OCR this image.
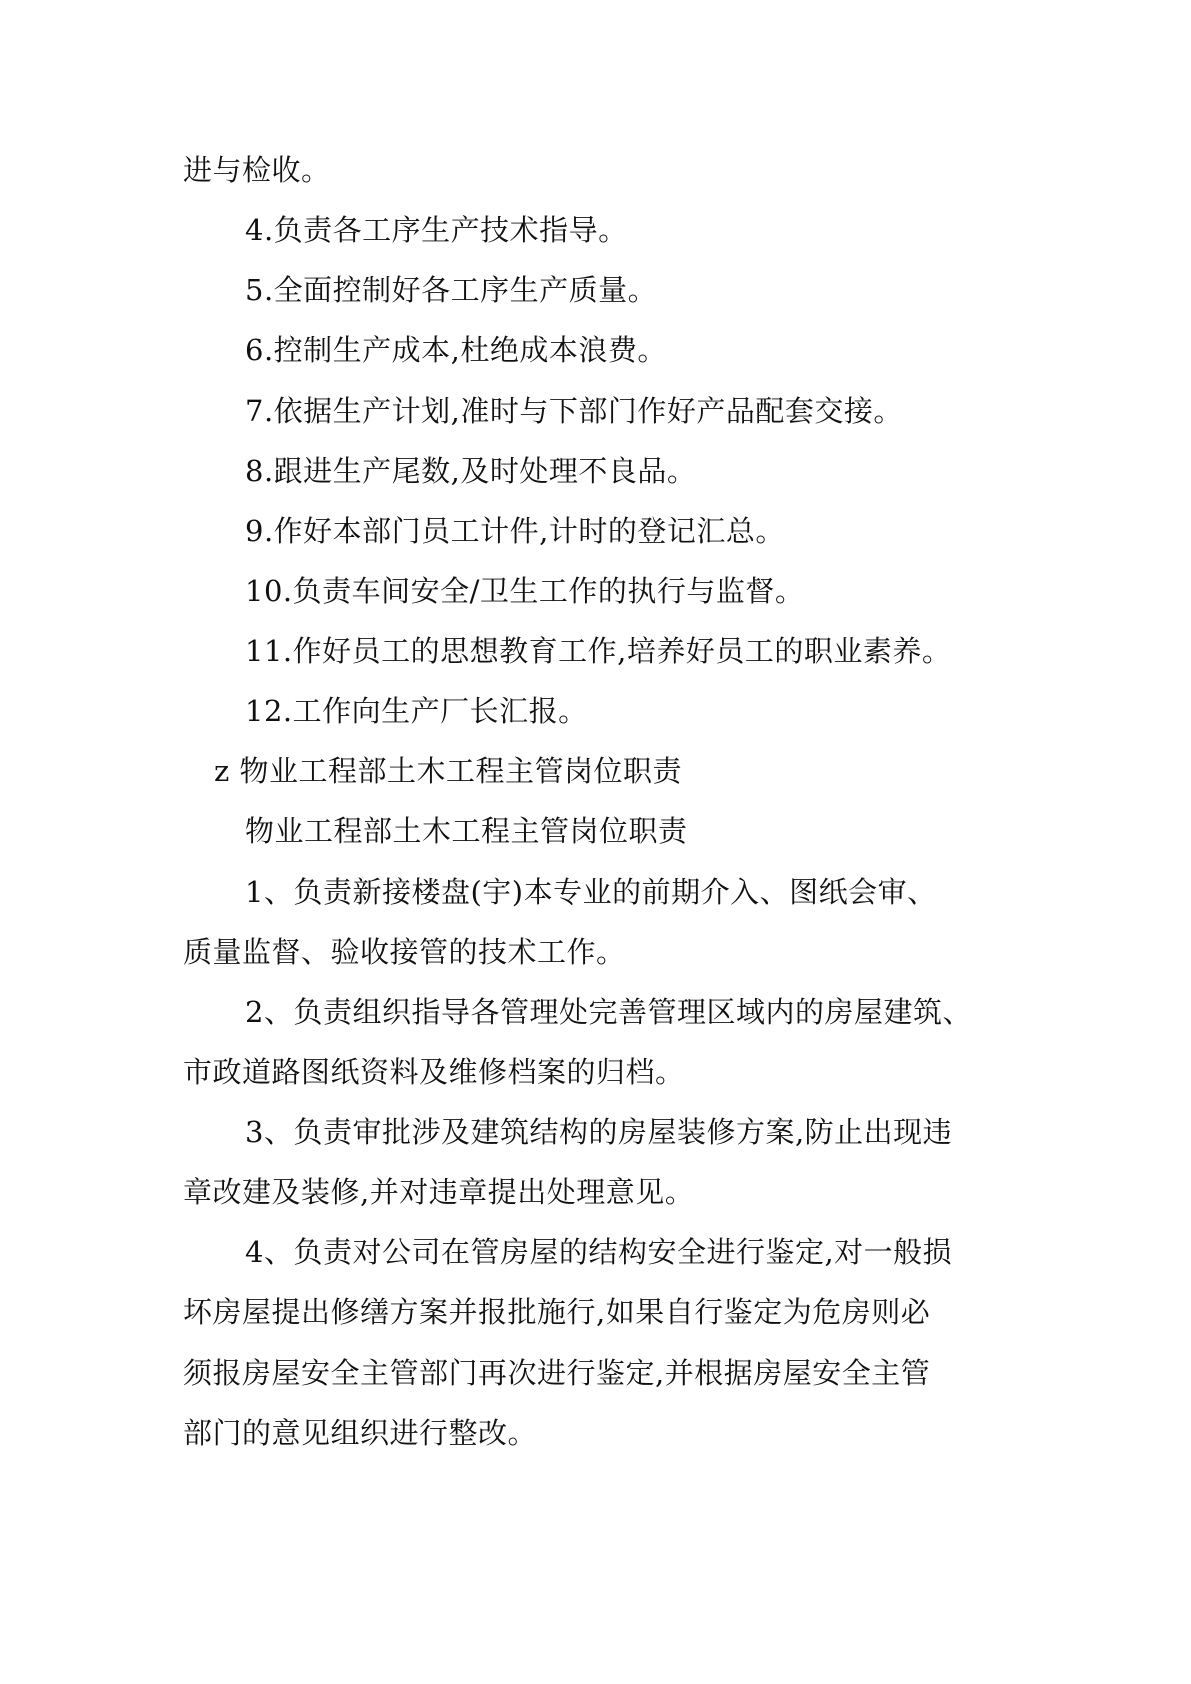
进与检收。
4.负责各工序生产技术指导。
5.全面控制好各工序生产质量。
6.控制生产成本,杜绝成本浪费。
7.依据生产计划,准时与下部门作好产品配套交接。
8.跟进生产尾数,及时处理不良品。
9.作好本部门员工计件,计时的登记汇总。
10.负责车间安全/卫生工作的执行与监督。
11.作好员工的思想教育工作,培养好员工的职业素养。
12.工作向生产厂长汇报。
z 物业工程部土木工程主管岗位职责
物业工程部土木工程主管岗位职责
1、负责新接楼盘(宇)本专业的前期介入、图纸会审、
质量监督、验收接管的技术工作。
2、负责组织指导各管理处完善管理区域内的房屋建筑、
市政道路图纸资料及维修档案的归档。
3、负责审批涉及建筑结构的房屋装修方案,防止出现违
章改建及装修,并对违章提出处理意见。
4、负责对公司在管房屋的结构安全进行鉴定,对一般损
坏房屋提出修缮方案并报批施行,如果自行鉴定为危房则必
须报房屋安全主管部门再次进行鉴定,并根据房屋安全主管
部门的意见组织进行整改。
